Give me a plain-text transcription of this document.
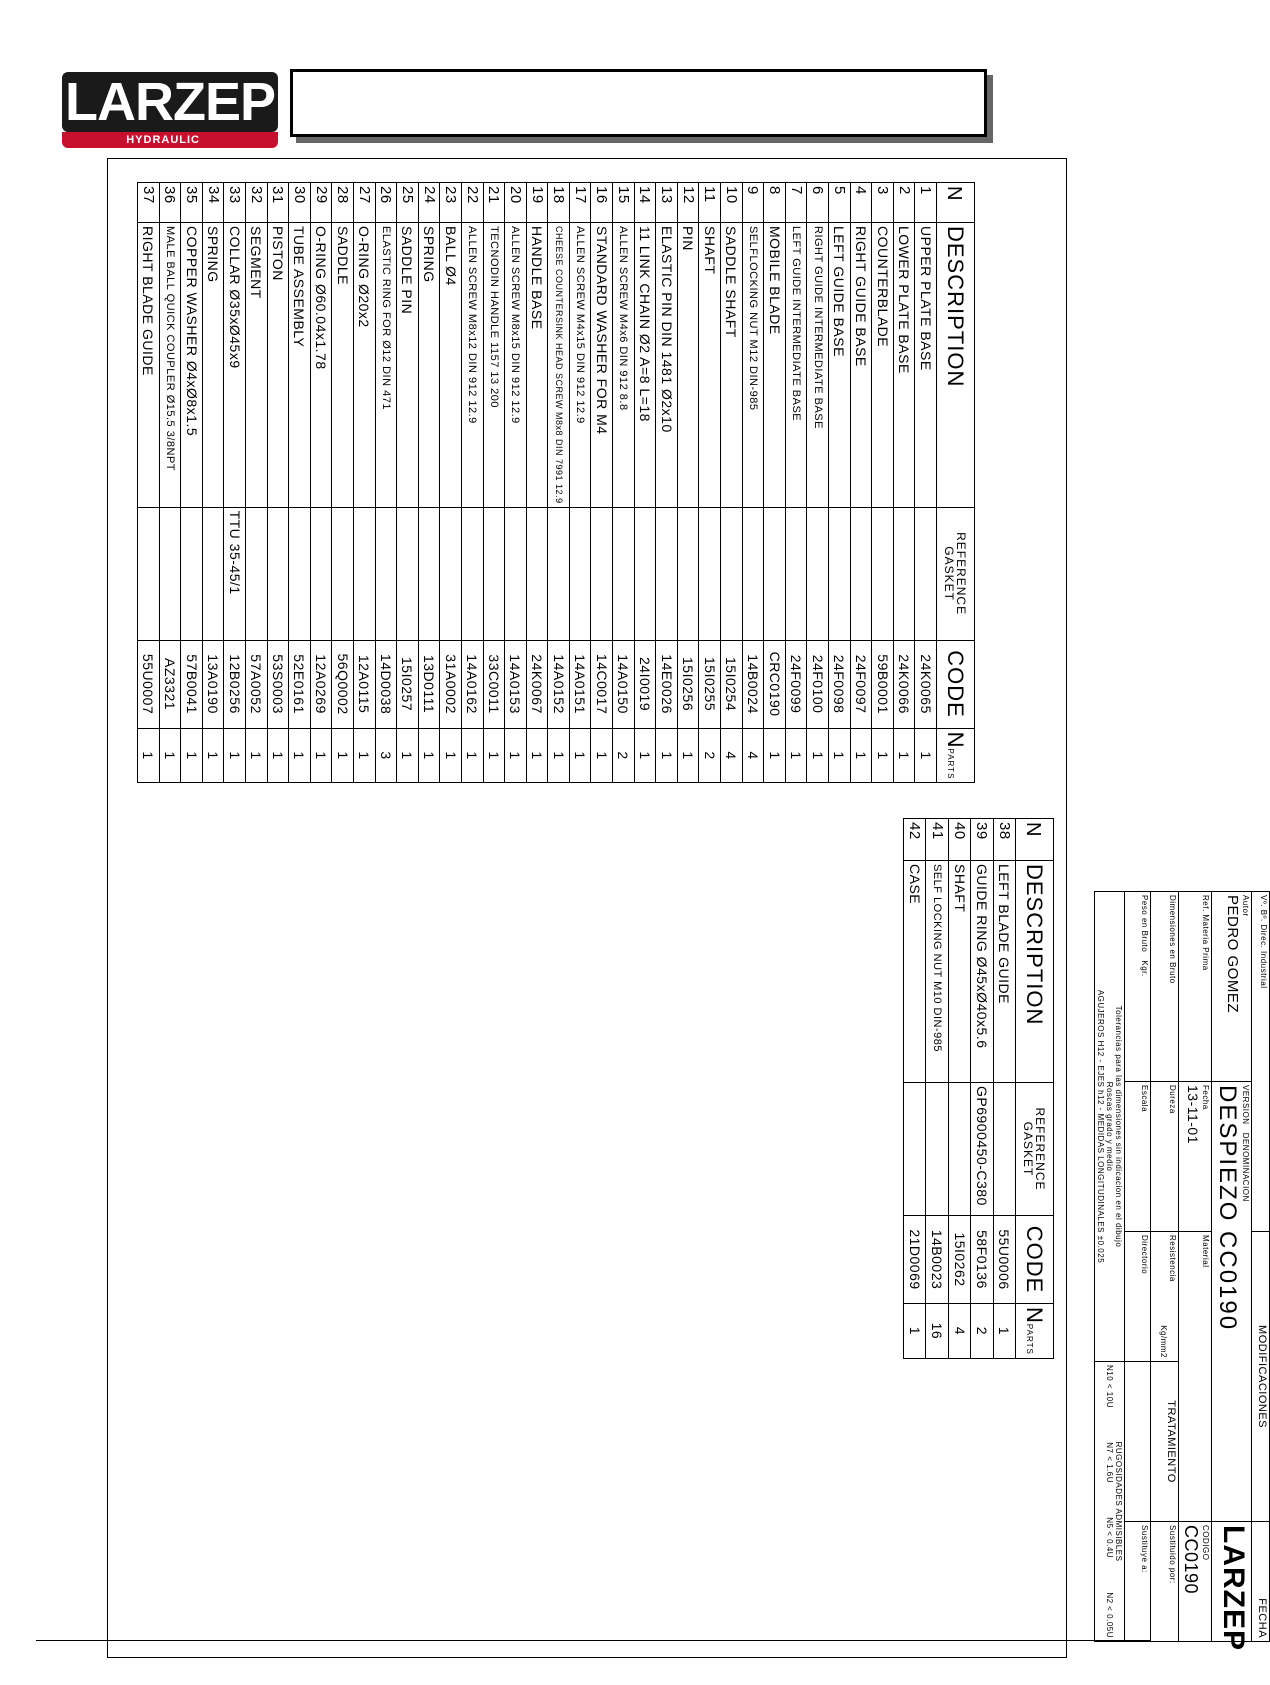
LARZEP
HYDRAULIC
N	DESCRIPTION	REFERENCE
GASKET	CODE	NPARTS
1	UPPER PLATE BASE		24K0065	1
2	LOWER PLATE BASE		24K0066	1
3	COUNTERBLADE		59B0001	1
4	RIGHT GUIDE BASE		24F0097	1
5	LEFT GUIDE BASE		24F0098	1
6	RIGHT GUIDE INTERMEDIATE BASE		24F0100	1
7	LEFT GUIDE INTERMEDIATE BASE		24F0099	1
8	MOBILE BLADE		CRC0190	1
9	SELFLOCKING NUT M12 DIN-985		14B0024	4
10	SADDLE SHAFT		15I0254	4
11	SHAFT		15I0255	2
12	PIN		15I0256	1
13	ELASTIC PIN DIN 1481 Ø2x10		14E0026	1
14	11 LINK CHAIN Ø2 A=8 L=18		24I0019	1
15	ALLEN SCREW M4x6 DIN 912 8.8		14A0150	2
16	STANDARD WASHER FOR M4		14C0017	1
17	ALLEN SCREW M4x15 DIN 912 12.9		14A0151	1
18	CHEESE COUNTERSINK HEAD SCREW M8x8 DIN 7991 12.9		14A0152	1
19	HANDLE BASE		24K0067	1
20	ALLEN SCREW M8x15 DIN 912 12.9		14A0153	1
21	TECNODIN HANDLE 1157 13 200		33C0011	1
22	ALLEN SCREW M8x12 DIN 912 12.9		14A0162	1
23	BALL Ø4		31A0002	1
24	SPRING		13D0111	1
25	SADDLE PIN		15I0257	1
26	ELASTIC RING FOR Ø12 DIN 471		14D0038	3
27	O-RING Ø20x2		12A0115	1
28	SADDLE		56Q0002	1
29	O-RING Ø60.04x1.78		12A0269	1
30	TUBE ASSEMBLY		52E0161	1
31	PISTON		53S0003	1
32	SEGMENT		57A0052	1
33	COLLAR Ø35xØ45x9	TTU 35-45/1	12B0256	1
34	SPRING		13A0190	1
35	COPPER WASHER Ø4xØ8x1.5		57B0041	1
36	MALE BALL QUICK COUPLER Ø15.5 3/8NPT		AZ3321	1
37	RIGHT BLADE GUIDE		55U0007	1
N	DESCRIPTION	REFERENCE
GASKET	CODE	NPARTS
38	LEFT BLADE GUIDE		55U0006	1
39	GUIDE RING Ø45xØ40x5.6	GP6900450-C380	58F0136	2
40	SHAFT		15I0262	4
41	SELF LOCKING NUT M10 DIN-985		14B0023	16
42	CASE		21D0069	1
Vº. Bº. Direc. Industrial		MODIFICACIONES		FECHA

Autor
PEDRO GOMEZ	VERSION   DENOMINACION
DESPIEZO CC0190			LARZEP

Ref. Materia Prima	Fecha
13-11-01	Material		CODIGO
CC0190

Dimensiones en Bruto	Dureza	Resistencia
Kg/mm2	TRATAMIENTO	Sustituido por:

Peso en Bruto   Kgr.	Escala	Directorio		Sustituye a:

Tolerancias para las dimensiones sin indicacion en el dibujo
Roscas grado y medio
AGUJEROS H12 - EJES h12 - MEDIDAS LONGITUDINALES ±0.025			RUGOSIDADES ADMISIBLES
N10 < 10U
N7 < 1.6U
N5 < 0.4U
N2 < 0.05U	
